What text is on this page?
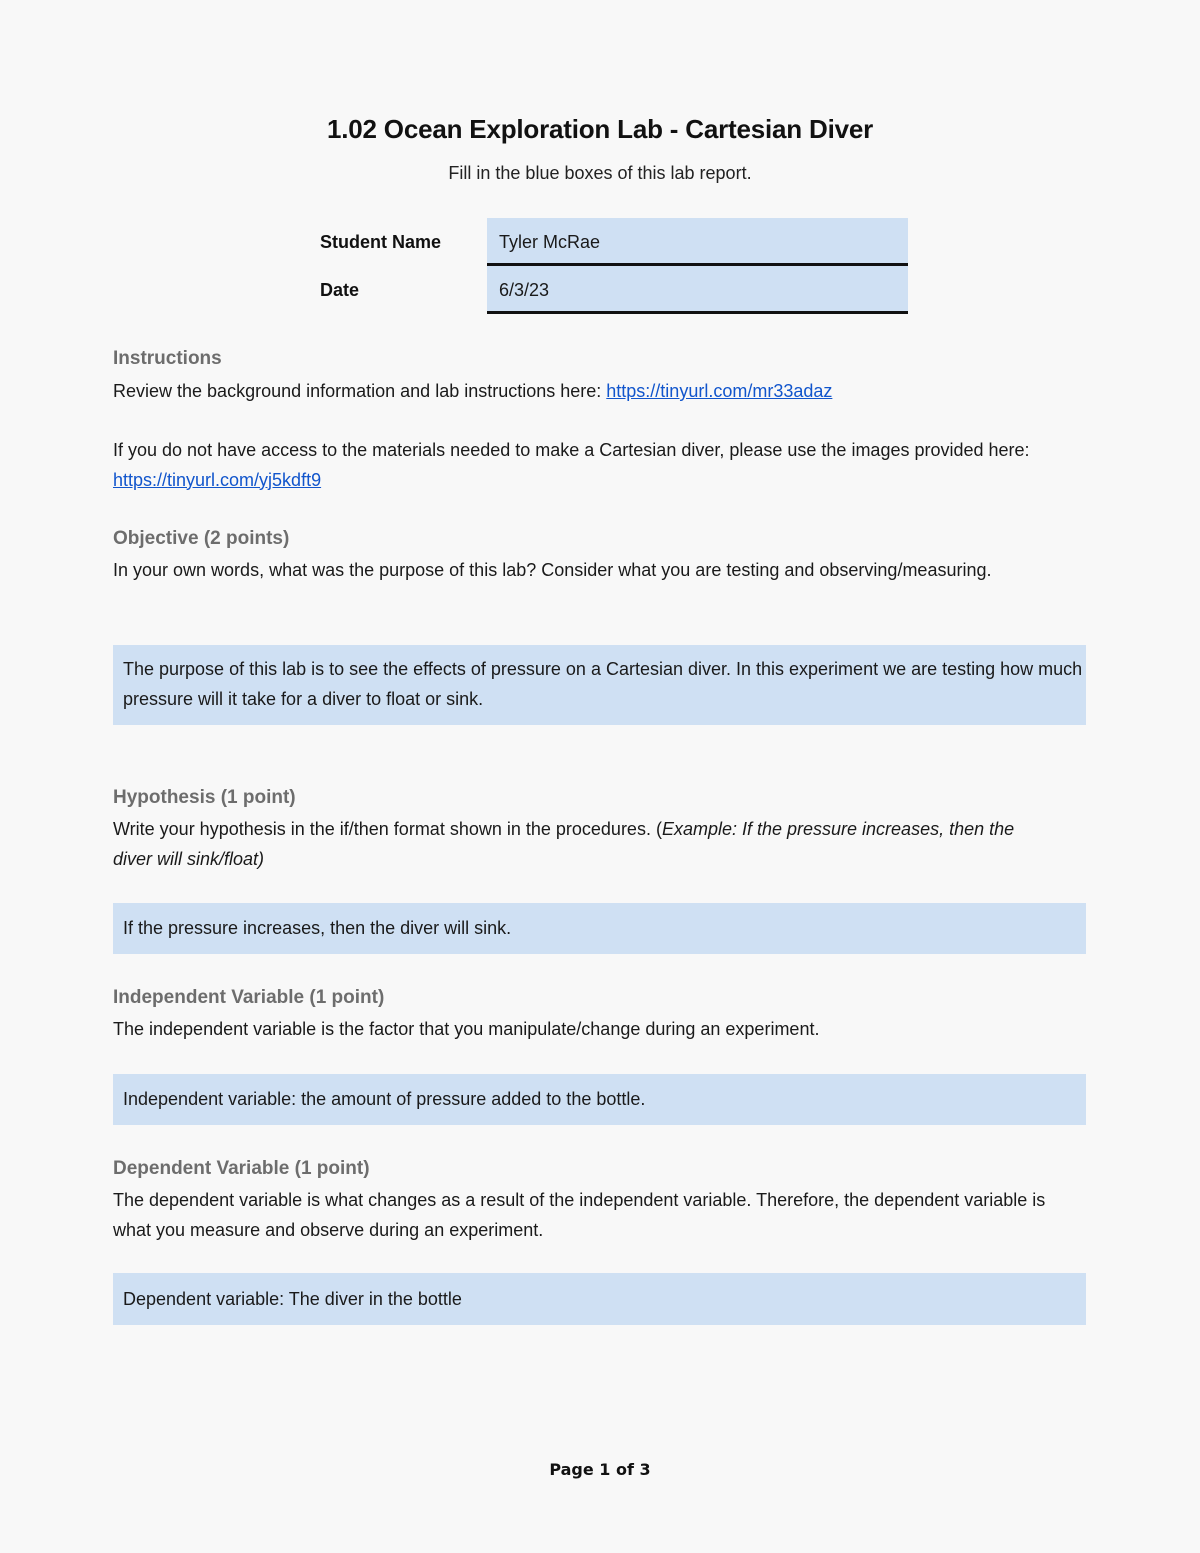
1.02 Ocean Exploration Lab - Cartesian Diver
Fill in the blue boxes of this lab report.
Student Name	Tyler McRae
Date	6/3/23
Instructions
Review the background information and lab instructions here: https://tinyurl.com/mr33adaz
If you do not have access to the materials needed to make a Cartesian diver, please use the images provided here: https://tinyurl.com/yj5kdft9
Objective (2 points)
In your own words, what was the purpose of this lab? Consider what you are testing and observing/measuring.
The purpose of this lab is to see the effects of pressure on a Cartesian diver. In this experiment we are testing how much pressure will it take for a diver to float or sink.
Hypothesis (1 point)
Write your hypothesis in the if/then format shown in the procedures. (Example: If the pressure increases, then the diver will sink/float)
If the pressure increases, then the diver will sink.
Independent Variable (1 point)
The independent variable is the factor that you manipulate/change during an experiment.
Independent variable: the amount of pressure added to the bottle.
Dependent Variable (1 point)
The dependent variable is what changes as a result of the independent variable. Therefore, the dependent variable is what you measure and observe during an experiment.
Dependent variable: The diver in the bottle
Page 1 of 3
